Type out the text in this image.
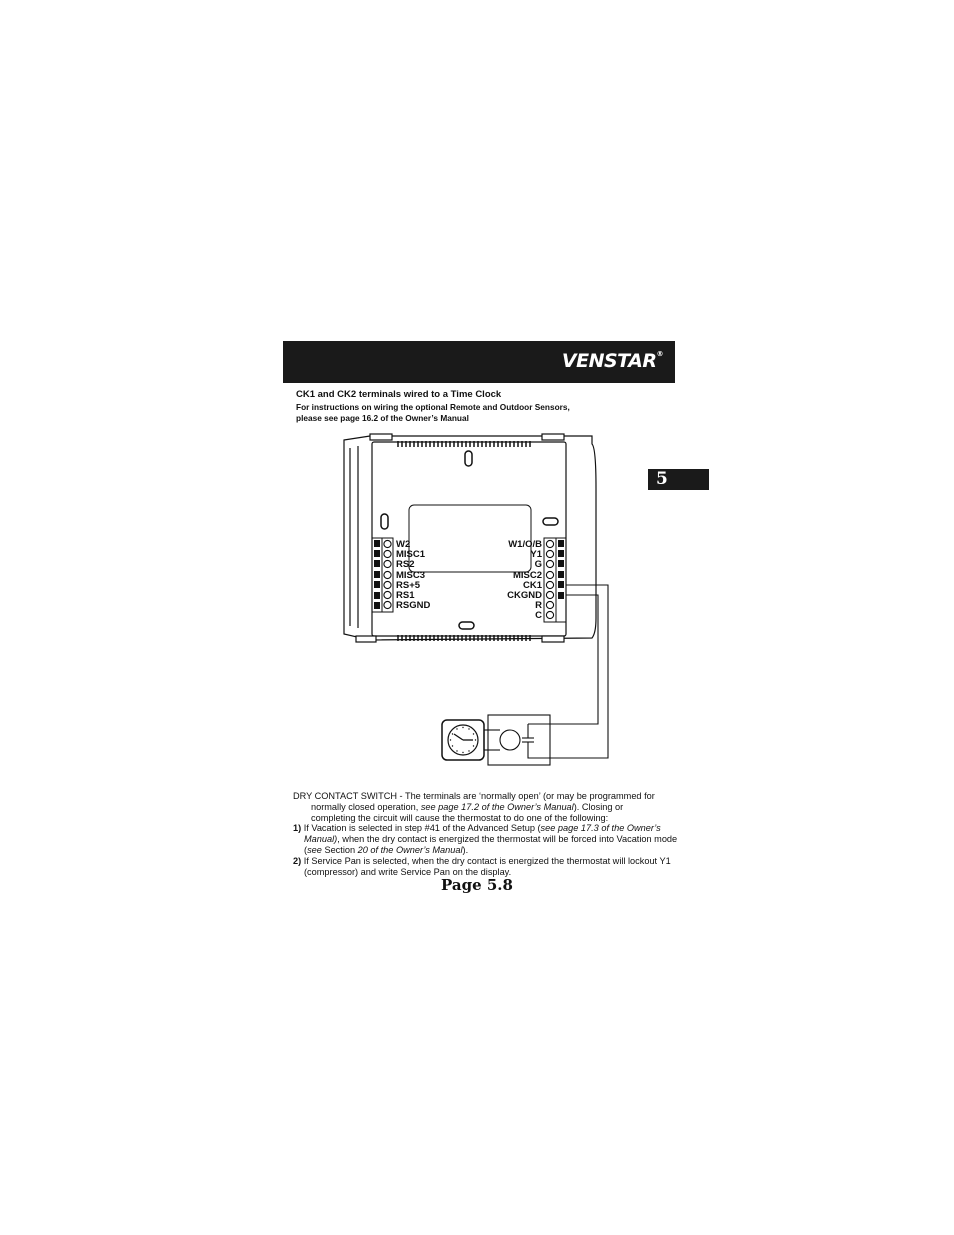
VENSTAR®
5
CK1 and CK2 terminals wired to a Time Clock
For instructions on wiring the optional Remote and Outdoor Sensors, please see page 16.2 of the Owner’s Manual
W2
MISC1
RS2
MISC3
RS+5
RS1
RSGND
W1/O/B
Y1
G
MISC2
CK1
CKGND
R
C

DRY CONTACT SWITCH - The terminals are ‘normally open’ (or may be programmed for

normally closed operation, see page 17.2 of the Owner’s Manual). Closing or

completing the circuit will cause the thermostat to do one of the following:

1) If Vacation is selected in step #41 of the Advanced Setup (see page 17.3 of the Owner’s Manual), when the dry contact is energized the thermostat will be forced into Vacation mode (see Section 20 of the Owner’s Manual).

2) If Service Pan is selected, when the dry contact is energized the thermostat will lockout Y1 (compressor) and write Service Pan on the display.

Page 5.8
